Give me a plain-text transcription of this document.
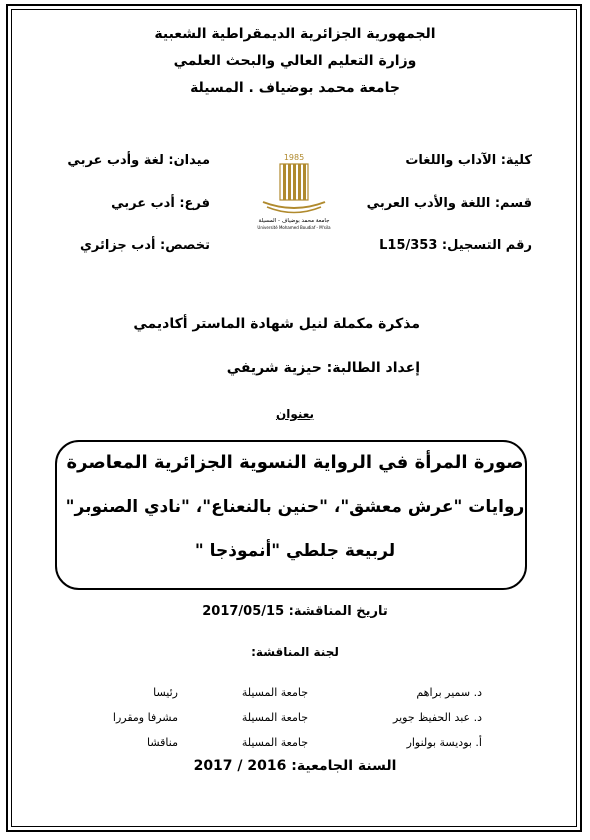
الجمهورية الجزائرية الديمقراطية الشعبية
وزارة التعليم العالي والبحث العلمي
جامعة محمد بوضياف . المسيلة
كلية: الآداب واللغات
قسم: اللغة والأدب العربي
رقم التسجيل: L15/353
ميدان: لغة وأدب عربي
فرع: أدب عربي
تخصص: أدب جزائري
1985
جامعة محمد بوضياف - المسيلة
Université Mohamed Boudiaf - M'sila
مذكرة مكملة لنيل شهادة الماستر أكاديمي
إعداد الطالبة: حيزية شريفي
بعنوان
صورة المرأة في الرواية النسوية الجزائرية المعاصرة
روايات "عرش معشق"، "حنين بالنعناع"، "نادي الصنوبر"
لربيعة جلطي "أنموذجا "
تاريخ المناقشة: 2017/05/15
لجنة المناقشة:
د. سمير براهم
جامعة المسيلة
رئيسا
د. عبد الحفيظ جوير
جامعة المسيلة
مشرفا ومقررا
أ. بوديسة بولنوار
جامعة المسيلة
مناقشا
السنة الجامعية: 2016 / 2017
